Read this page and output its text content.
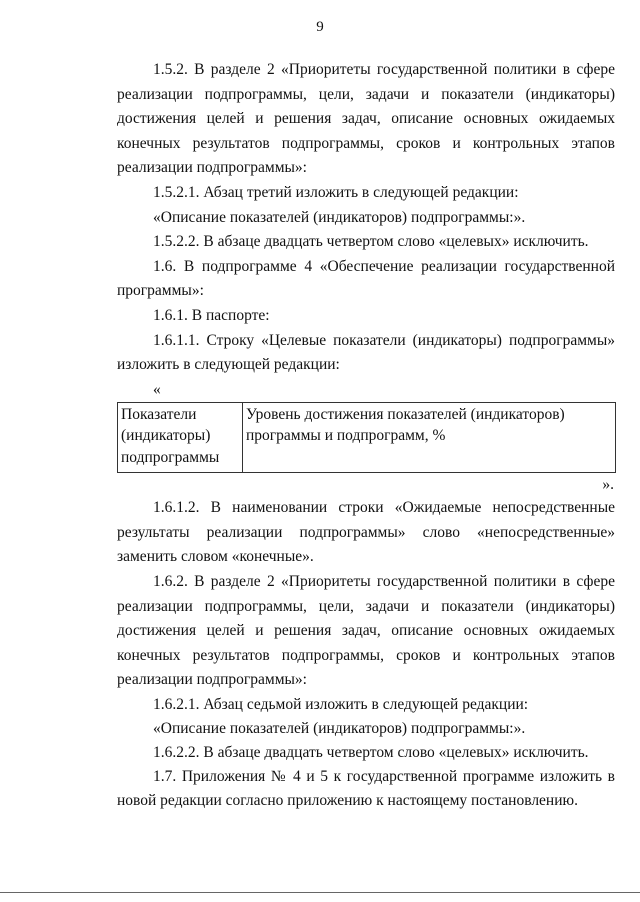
9

1.5.2. В разделе 2 «Приоритеты государственной политики в сфере реализации подпрограммы, цели, задачи и показатели (индикаторы) достижения целей и решения задач, описание основных ожидаемых конечных результатов подпрограммы, сроков и контрольных этапов реализации подпрограммы»:

1.5.2.1. Абзац третий изложить в следующей редакции:

«Описание показателей (индикаторов) подпрограммы:».

1.5.2.2. В абзаце двадцать четвертом слово «целевых» исключить.

1.6. В подпрограмме 4 «Обеспечение реализации государственной программы»:

1.6.1. В паспорте:

1.6.1.1. Строку «Целевые показатели (индикаторы) подпрограммы» изложить в следующей редакции:

«

Показатели (индикаторы) подпрограммы	Уровень достижения показателей (индикаторов) программы и подпрограмм, %

».

1.6.1.2. В наименовании строки «Ожидаемые непосредственные результаты реализации подпрограммы» слово «непосредственные» заменить словом «конечные».

1.6.2. В разделе 2 «Приоритеты государственной политики в сфере реализации подпрограммы, цели, задачи и показатели (индикаторы) достижения целей и решения задач, описание основных ожидаемых конечных результатов подпрограммы, сроков и контрольных этапов реализации подпрограммы»:

1.6.2.1. Абзац седьмой изложить в следующей редакции:

«Описание показателей (индикаторов) подпрограммы:».

1.6.2.2. В абзаце двадцать четвертом слово «целевых» исключить.

1.7. Приложения № 4 и 5 к государственной программе изложить в новой редакции согласно приложению к настоящему постановлению.
